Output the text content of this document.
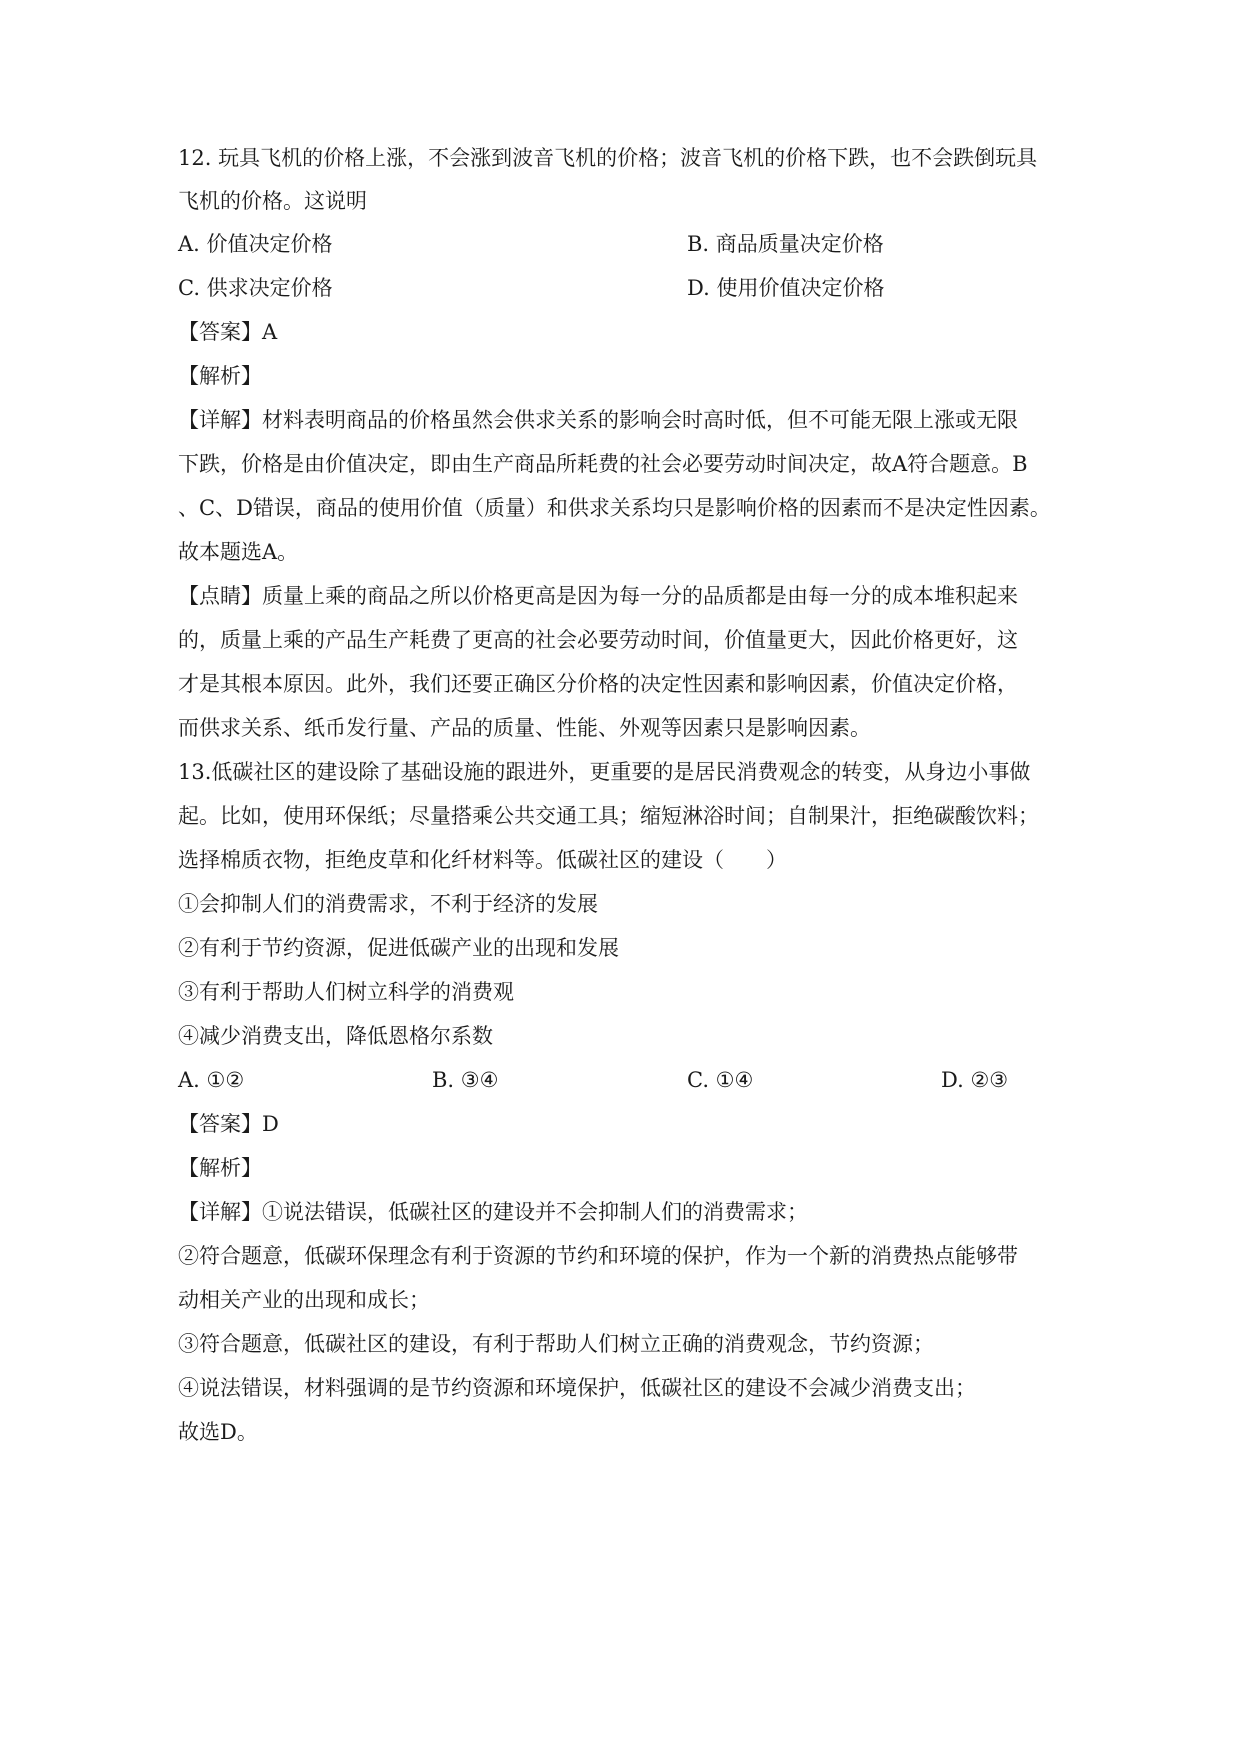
12. 玩具飞机的价格上涨，不会涨到波音飞机的价格；波音飞机的价格下跌，也不会跌倒玩具
飞机的价格。这说明
A. 价值决定价格	B. 商品质量决定价格
C. 供求决定价格	D. 使用价值决定价格
【答案】A
【解析】
【详解】材料表明商品的价格虽然会供求关系的影响会时高时低，但不可能无限上涨或无限
下跌，价格是由价值决定，即由生产商品所耗费的社会必要劳动时间决定，故A符合题意。B
、C、D错误，商品的使用价值（质量）和供求关系均只是影响价格的因素而不是决定性因素。
故本题选A。
【点睛】质量上乘的商品之所以价格更高是因为每一分的品质都是由每一分的成本堆积起来
的，质量上乘的产品生产耗费了更高的社会必要劳动时间，价值量更大，因此价格更好，这
才是其根本原因。此外，我们还要正确区分价格的决定性因素和影响因素，价值决定价格，
而供求关系、纸币发行量、产品的质量、性能、外观等因素只是影响因素。
13.低碳社区的建设除了基础设施的跟进外，更重要的是居民消费观念的转变，从身边小事做
起。比如，使用环保纸；尽量搭乘公共交通工具；缩短淋浴时间；自制果汁，拒绝碳酸饮料；
选择棉质衣物，拒绝皮草和化纤材料等。低碳社区的建设（　　）
①会抑制人们的消费需求，不利于经济的发展
②有利于节约资源，促进低碳产业的出现和发展
③有利于帮助人们树立科学的消费观
④减少消费支出，降低恩格尔系数
A. ①②	B. ③④	C. ①④	D. ②③
【答案】D
【解析】
【详解】①说法错误，低碳社区的建设并不会抑制人们的消费需求；
②符合题意，低碳环保理念有利于资源的节约和环境的保护，作为一个新的消费热点能够带
动相关产业的出现和成长；
③符合题意，低碳社区的建设，有利于帮助人们树立正确的消费观念，节约资源；
④说法错误，材料强调的是节约资源和环境保护，低碳社区的建设不会减少消费支出；
故选D。
